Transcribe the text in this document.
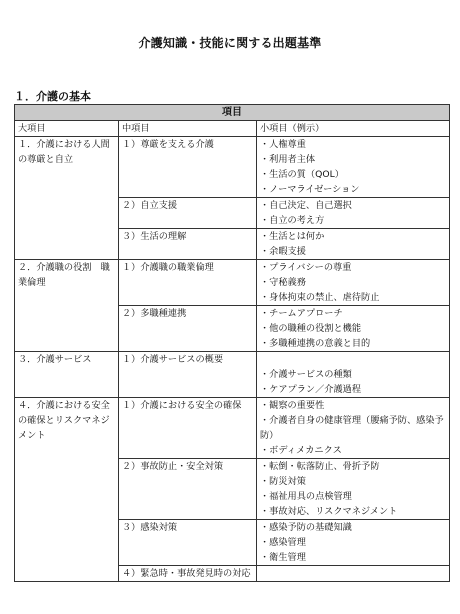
介護知識・技能に関する出題基準
１．介護の基本
項目		
大項目	中項目	小項目（例示）
１．介護における人間の尊厳と自立	１）尊厳を支える介護	・人権尊重
・利用者主体
・生活の質（QOL）
・ノーマライゼーション

	２）自立支援	・自己決定、自己選択
・自立の考え方

	３）生活の理解	・生活とは何か
・余暇支援

２．介護職の役割　職業倫理	１）介護職の職業倫理	・プライバシーの尊重
・守秘義務
・身体拘束の禁止、虐待防止

	２）多職種連携	・チームアプローチ
・他の職種の役割と機能
・多職種連携の意義と目的

３．介護サービス	１）介護サービスの概要	・介護サービスの種類
・ケアプラン／介護過程

４．介護における安全の確保とリスクマネジメント	１）介護における安全の確保	・観察の重要性
・介護者自身の健康管理（腰痛予防、感染予防）
・ボディメカニクス

	２）事故防止・安全対策	・転倒・転落防止、骨折予防
・防災対策
・福祉用具の点検管理
・事故対応、リスクマネジメント

	３）感染対策	・感染予防の基礎知識
・感染管理
・衛生管理

	４）緊急時・事故発見時の対応	
